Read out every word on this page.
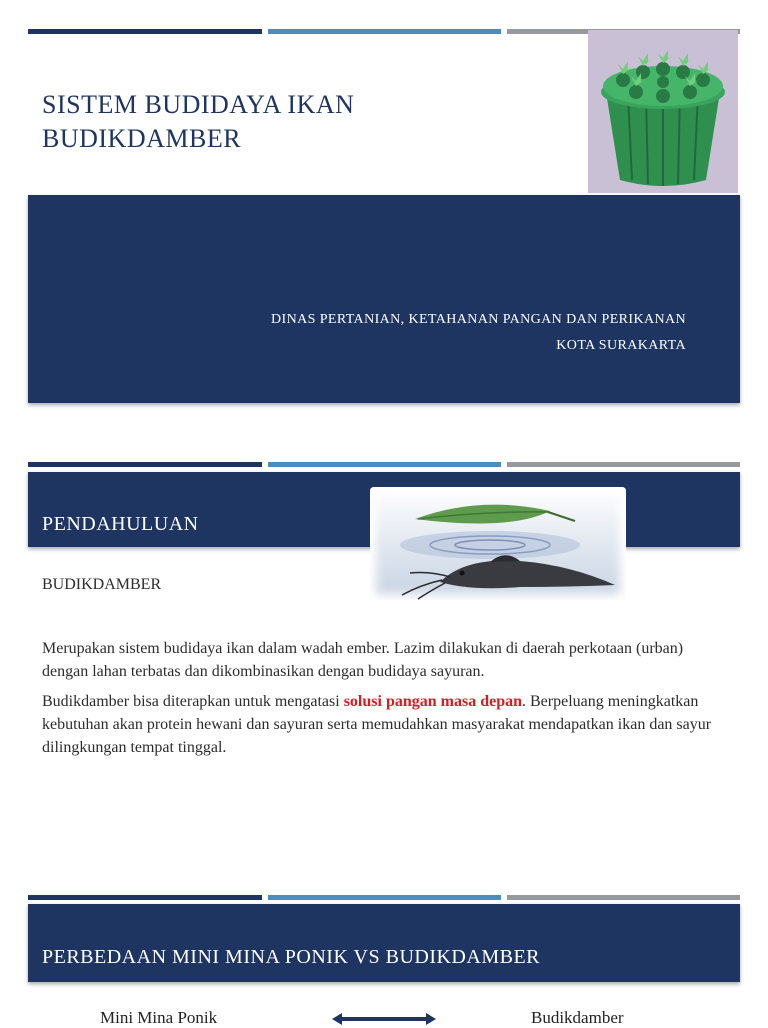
SISTEM BUDIDAYA IKAN BUDIKDAMBER
DINAS PERTANIAN, KETAHANAN PANGAN DAN PERIKANAN
KOTA SURAKARTA
PENDAHULUAN
BUDIKDAMBER

Merupakan sistem budidaya ikan dalam wadah ember. Lazim dilakukan di daerah perkotaan (urban) dengan lahan terbatas dan dikombinasikan dengan budidaya sayuran.

Budikdamber bisa diterapkan untuk mengatasi solusi pangan masa depan. Berpeluang meningkatkan kebutuhan akan protein hewani dan sayuran serta memudahkan masyarakat mendapatkan ikan dan sayur dilingkungan tempat tinggal.

PERBEDAAN MINI MINA PONIK VS BUDIKDAMBER
Mini Mina Ponik	Budikdamber
